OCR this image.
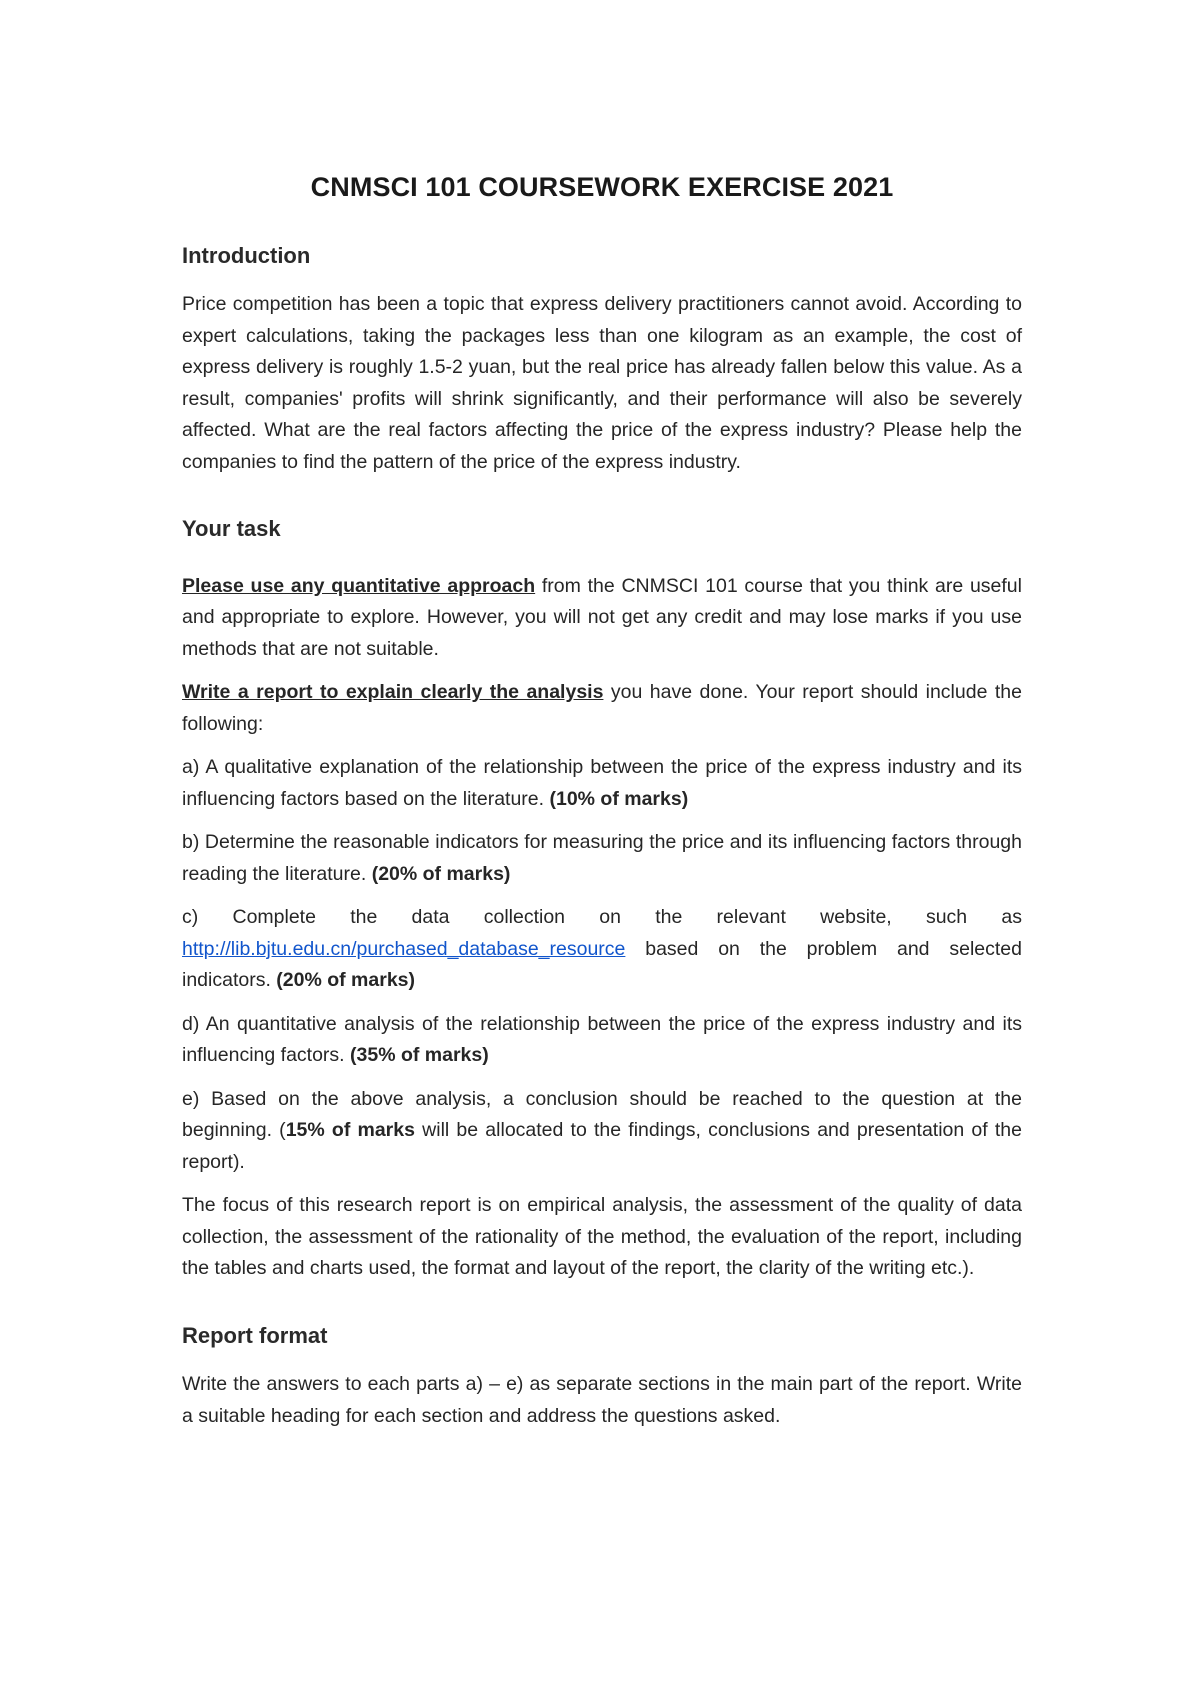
CNMSCI 101 COURSEWORK EXERCISE 2021
Introduction

Price competition has been a topic that express delivery practitioners cannot avoid. According to expert calculations, taking the packages less than one kilogram as an example, the cost of express delivery is roughly 1.5-2 yuan, but the real price has already fallen below this value. As a result, companies' profits will shrink significantly, and their performance will also be severely affected. What are the real factors affecting the price of the express industry? Please help the companies to find the pattern of the price of the express industry.

Your task

Please use any quantitative approach from the CNMSCI 101 course that you think are useful and appropriate to explore. However, you will not get any credit and may lose marks if you use methods that are not suitable.

Write a report to explain clearly the analysis you have done. Your report should include the following:

a) A qualitative explanation of the relationship between the price of the express industry and its influencing factors based on the literature. (10% of marks)

b) Determine the reasonable indicators for measuring the price and its influencing factors through reading the literature. (20% of marks)

c) Complete the data collection on the relevant website, such as http://lib.bjtu.edu.cn/purchased_database_resource based on the problem and selected indicators. (20% of marks)

d) An quantitative analysis of the relationship between the price of the express industry and its influencing factors. (35% of marks)

e) Based on the above analysis, a conclusion should be reached to the question at the beginning. (15% of marks will be allocated to the findings, conclusions and presentation of the report).

The focus of this research report is on empirical analysis, the assessment of the quality of data collection, the assessment of the rationality of the method, the evaluation of the report, including the tables and charts used, the format and layout of the report, the clarity of the writing etc.).

Report format

Write the answers to each parts a) – e) as separate sections in the main part of the report. Write a suitable heading for each section and address the questions asked.
